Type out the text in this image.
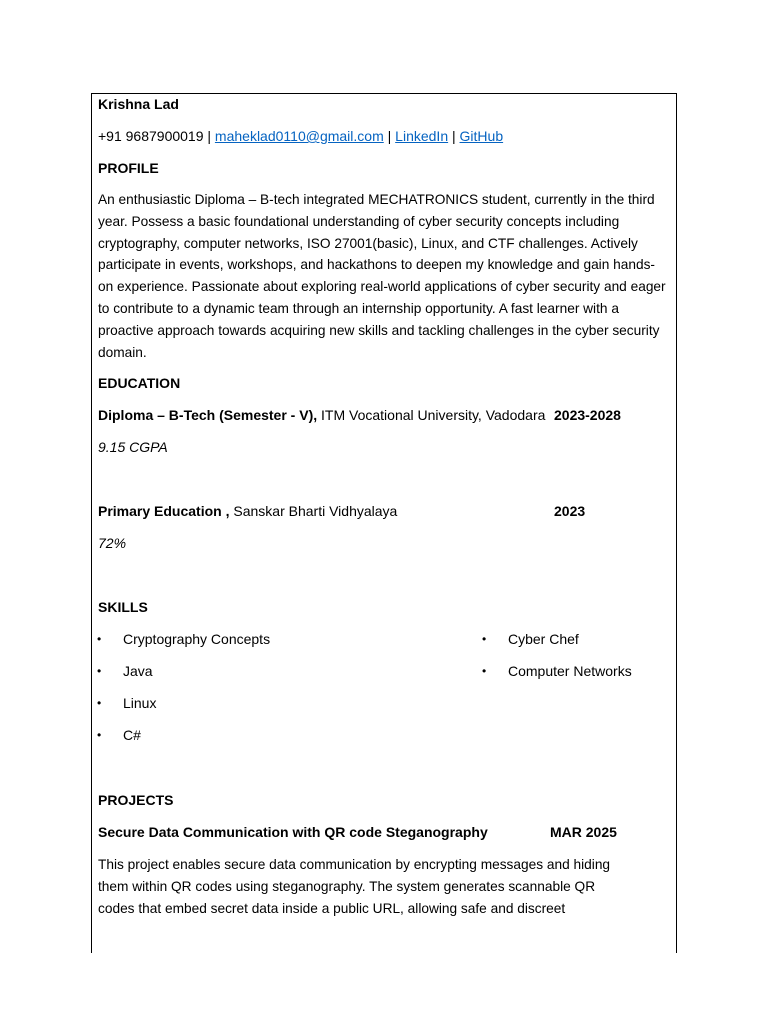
Krishna Lad
+91 9687900019 | maheklad0110@gmail.com | LinkedIn | GitHub
PROFILE
An enthusiastic Diploma – B-tech integrated MECHATRONICS student, currently in the third year. Possess a basic foundational understanding of cyber security concepts including cryptography, computer networks, ISO 27001(basic), Linux, and CTF challenges. Actively participate in events, workshops, and hackathons to deepen my knowledge and gain hands-on experience. Passionate about exploring real-world applications of cyber security and eager to contribute to a dynamic team through an internship opportunity. A fast learner with a proactive approach towards acquiring new skills and tackling challenges in the cyber security domain.
EDUCATION
Diploma – B-Tech (Semester - V), ITM Vocational University, Vadodara 2023-2028
9.15 CGPA
Primary Education , Sanskar Bharti Vidhyalaya	2023
72%
SKILLS
• Cryptography Concepts
• Java
• Linux
• C#
• Cyber Chef
• Computer Networks
PROJECTS
Secure Data Communication with QR code Steganography	MAR 2025
This project enables secure data communication by encrypting messages and hiding them within QR codes using steganography. The system generates scannable QR codes that embed secret data inside a public URL, allowing safe and discreet
